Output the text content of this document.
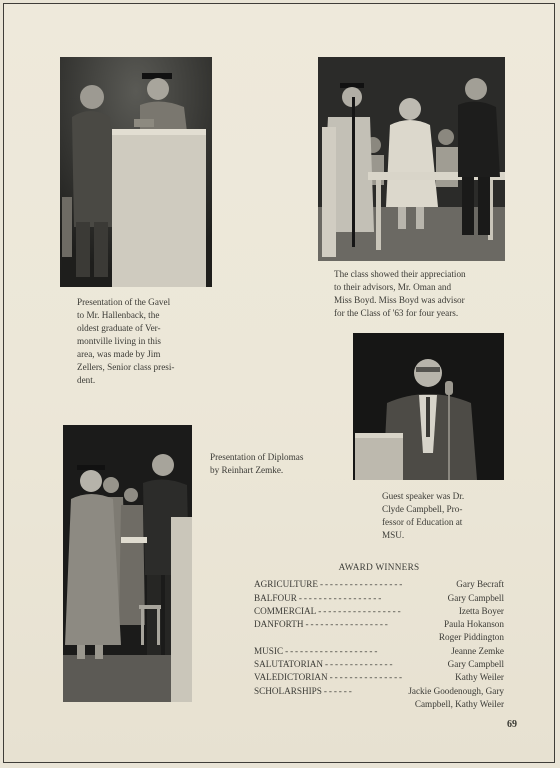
Presentation of the Gavel
to Mr. Hallenback, the
oldest graduate of Ver-
montville living in this
area, was made by Jim
Zellers, Senior class presi-
dent.
The class showed their appreciation
to their advisors, Mr. Oman and
Miss Boyd. Miss Boyd was advisor
for the Class of '63 for four years.
Presentation of Diplomas
by Reinhart Zemke.
Guest speaker was Dr.
Clyde Campbell, Pro-
fessor of Education at
MSU.
AWARD WINNERS
AGRICULTURE - - - - - - - - - - - - - - - - -	Gary Becraft
BALFOUR - - - - - - - - - - - - - - - - -	Gary Campbell
COMMERCIAL - - - - - - - - - - - - - - - - -	Izetta Boyer
DANFORTH - - - - - - - - - - - - - - - - -	Paula Hokanson
Roger Piddington
MUSIC - - - - - - - - - - - - - - - - - - -	Jeanne Zemke
SALUTATORIAN - - - - - - - - - - - - - -	Gary Campbell
VALEDICTORIAN - - - - - - - - - - - - - - -	Kathy Weiler
SCHOLARSHIPS - - - - - -	Jackie Goodenough, Gary
Campbell, Kathy Weiler
69
